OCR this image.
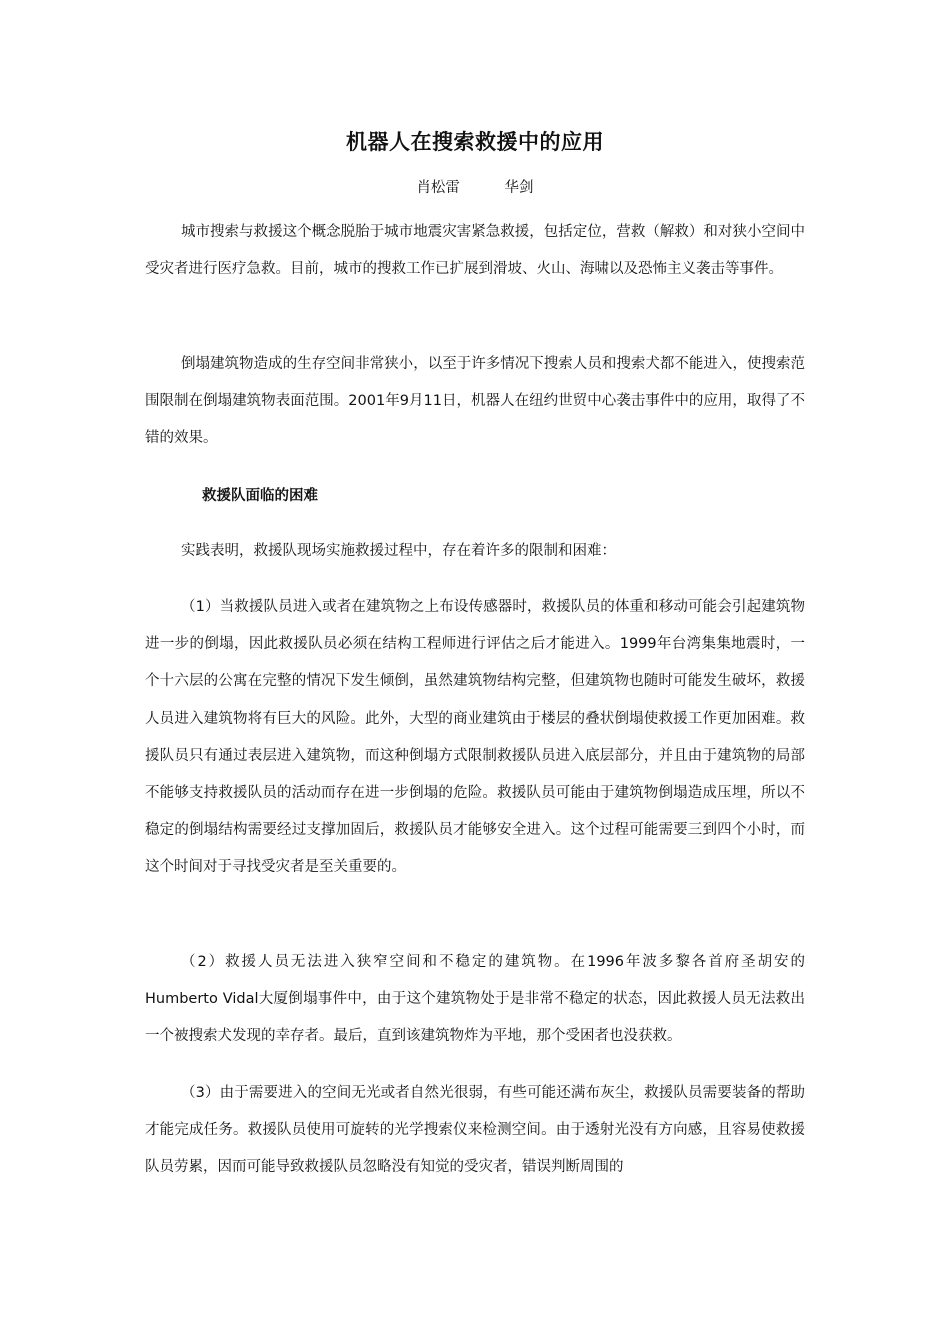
机器人在搜索救援中的应用
肖松雷	华剑

城市搜索与救援这个概念脱胎于城市地震灾害紧急救援，包括定位，营救（解救）和对狭小空间中受灾者进行医疗急救。目前，城市的搜救工作已扩展到滑坡、火山、海啸以及恐怖主义袭击等事件。

倒塌建筑物造成的生存空间非常狭小，以至于许多情况下搜索人员和搜索犬都不能进入，使搜索范围限制在倒塌建筑物表面范围。2001年9月11日，机器人在纽约世贸中心袭击事件中的应用，取得了不错的效果。

救援队面临的困难

实践表明，救援队现场实施救援过程中，存在着许多的限制和困难：

（1）当救援队员进入或者在建筑物之上布设传感器时，救援队员的体重和移动可能会引起建筑物进一步的倒塌，因此救援队员必须在结构工程师进行评估之后才能进入。1999年台湾集集地震时，一个十六层的公寓在完整的情况下发生倾倒，虽然建筑物结构完整，但建筑物也随时可能发生破坏，救援人员进入建筑物将有巨大的风险。此外，大型的商业建筑由于楼层的叠状倒塌使救援工作更加困难。救援队员只有通过表层进入建筑物，而这种倒塌方式限制救援队员进入底层部分，并且由于建筑物的局部不能够支持救援队员的活动而存在进一步倒塌的危险。救援队员可能由于建筑物倒塌造成压埋，所以不稳定的倒塌结构需要经过支撑加固后，救援队员才能够安全进入。这个过程可能需要三到四个小时，而这个时间对于寻找受灾者是至关重要的。

（2）救援人员无法进入狭窄空间和不稳定的建筑物。在1996年波多黎各首府圣胡安的Humberto Vidal大厦倒塌事件中，由于这个建筑物处于是非常不稳定的状态，因此救援人员无法救出一个被搜索犬发现的幸存者。最后，直到该建筑物炸为平地，那个受困者也没获救。

（3）由于需要进入的空间无光或者自然光很弱，有些可能还满布灰尘，救援队员需要装备的帮助才能完成任务。救援队员使用可旋转的光学搜索仪来检测空间。由于透射光没有方向感，且容易使救援队员劳累，因而可能导致救援队员忽略没有知觉的受灾者，错误判断周围的
